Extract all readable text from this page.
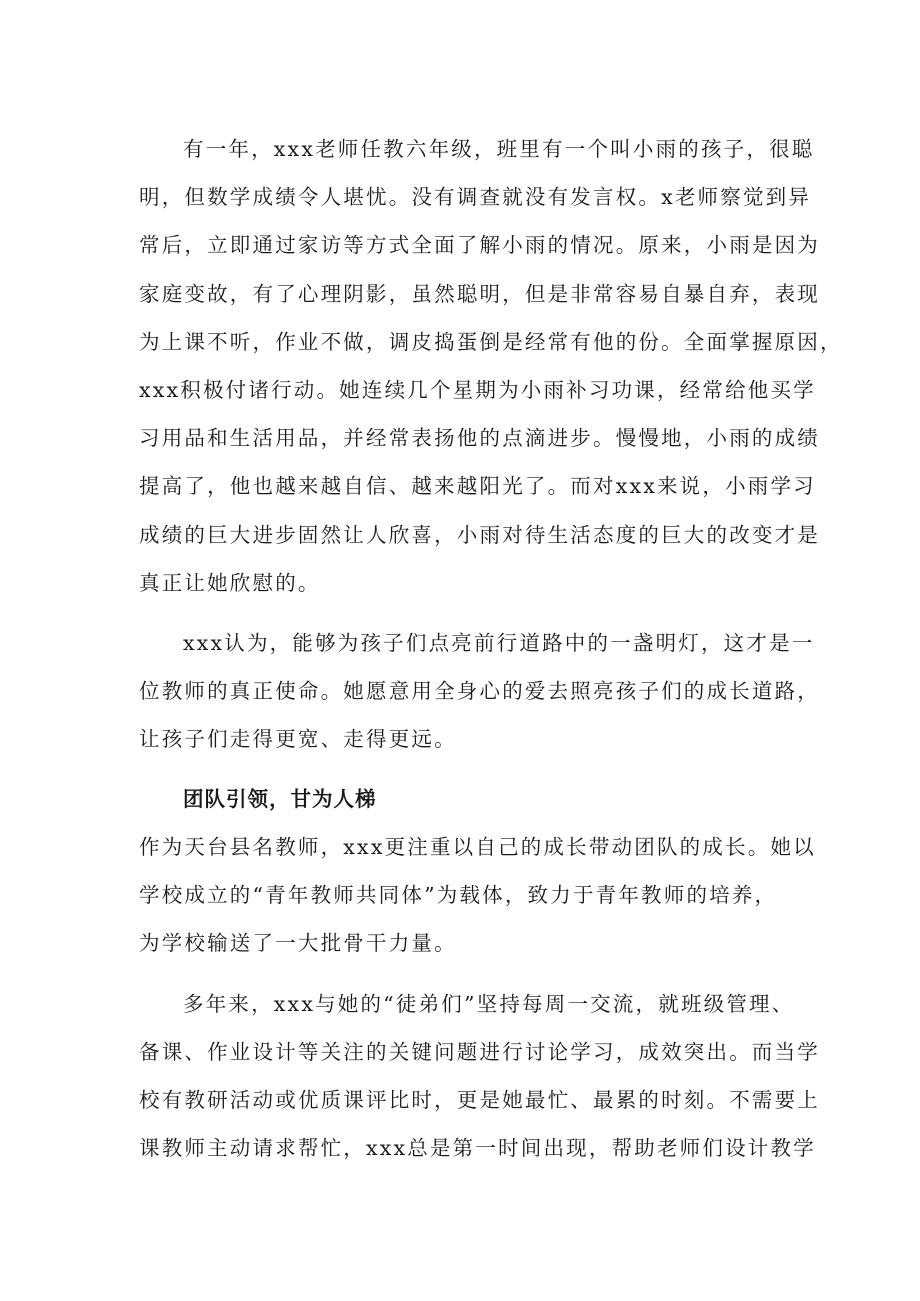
有一年，xxx老师任教六年级，班里有一个叫小雨的孩子，很聪
明，但数学成绩令人堪忧。没有调查就没有发言权。x老师察觉到异
常后，立即通过家访等方式全面了解小雨的情况。原来，小雨是因为
家庭变故，有了心理阴影，虽然聪明，但是非常容易自暴自弃，表现
为上课不听，作业不做，调皮捣蛋倒是经常有他的份。全面掌握原因，
xxx积极付诸行动。她连续几个星期为小雨补习功课，经常给他买学
习用品和生活用品，并经常表扬他的点滴进步。慢慢地，小雨的成绩
提高了，他也越来越自信、越来越阳光了。而对xxx来说，小雨学习
成绩的巨大进步固然让人欣喜，小雨对待生活态度的巨大的改变才是
真正让她欣慰的。
xxx认为，能够为孩子们点亮前行道路中的一盏明灯，这才是一
位教师的真正使命。她愿意用全身心的爱去照亮孩子们的成长道路，
让孩子们走得更宽、走得更远。
团队引领，甘为人梯
作为天台县名教师，xxx更注重以自己的成长带动团队的成长。她以
学校成立的“青年教师共同体”为载体，致力于青年教师的培养，
为学校输送了一大批骨干力量。
多年来，xxx与她的“徒弟们”坚持每周一交流，就班级管理、
备课、作业设计等关注的关键问题进行讨论学习，成效突出。而当学
校有教研活动或优质课评比时，更是她最忙、最累的时刻。不需要上
课教师主动请求帮忙，xxx总是第一时间出现，帮助老师们设计教学
